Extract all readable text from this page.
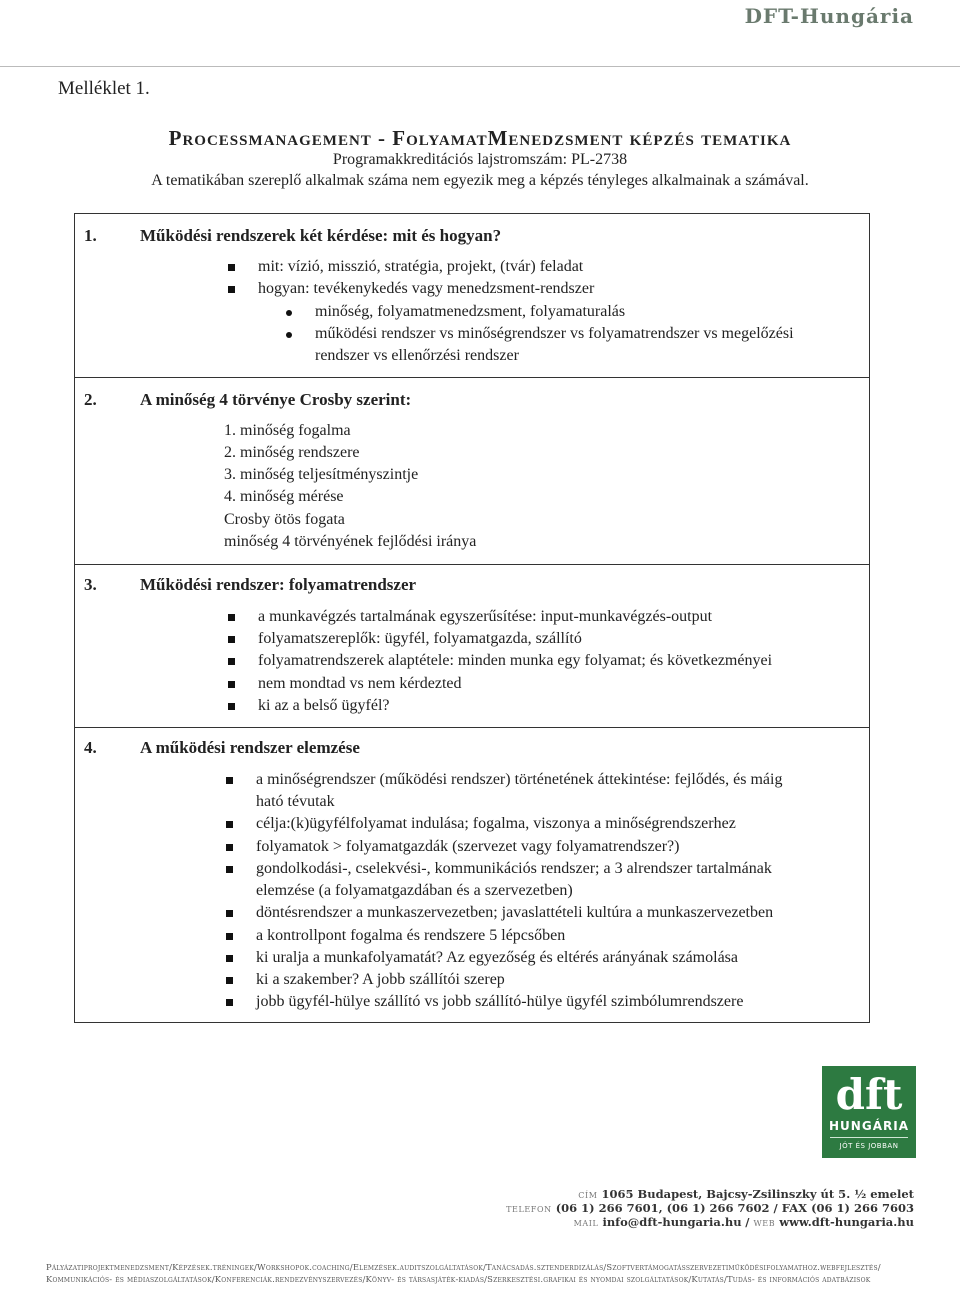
DFT-Hungária
Melléklet 1.
Processmanagement - FolyamatMenedzsment képzés tematika
Programakkreditációs lajstromszám: PL-2738
A tematikában szereplő alkalmak száma nem egyezik meg a képzés tényleges alkalmainak a számával.
1.	Működési rendszerek két kérdése: mit és hogyan?
mit: vízió, misszió, stratégia, projekt, (tvár) feladat
hogyan: tevékenykedés vagy menedzsment-rendszer
minőség, folyamatmenedzsment, folyamaturalás
működési rendszer vs minőségrendszer vs folyamatrendszer vs megelőzési
rendszer vs ellenőrzési rendszer
2.	A minőség 4 törvénye Crosby szerint:
1. minőség fogalma
2. minőség rendszere
3. minőség teljesítményszintje
4. minőség mérése
Crosby ötös fogata
minőség 4 törvényének fejlődési iránya
3.	Működési rendszer: folyamatrendszer
a munkavégzés tartalmának egyszerűsítése: input-munkavégzés-output
folyamatszereplők: ügyfél, folyamatgazda, szállító
folyamatrendszerek alaptétele: minden munka egy folyamat; és következményei
nem mondtad vs nem kérdezted
ki az a belső ügyfél?
4.	A működési rendszer elemzése
a minőségrendszer (működési rendszer) történetének áttekintése: fejlődés, és máig
ható tévutak
célja:(k)ügyfélfolyamat indulása; fogalma, viszonya a minőségrendszerhez
folyamatok > folyamatgazdák (szervezet vagy folyamatrendszer?)
gondolkodási-, cselekvési-, kommunikációs rendszer; a 3 alrendszer tartalmának
elemzése (a folyamatgazdában és a szervezetben)
döntésrendszer a munkaszervezetben; javaslattételi kultúra a munkaszervezetben
a kontrollpont fogalma és rendszere 5 lépcsőben
ki uralja a munkafolyamatát? Az egyezőség és eltérés arányának számolása
ki a szakember? A jobb szállítói szerep
jobb ügyfél-hülye szállító vs jobb szállító-hülye ügyfél szimbólumrendszere
dft
HUNGÁRIA
JÓT ÉS JOBBAN
CÍM 1065 Budapest, Bajcsy-Zsilinszky út 5. ½ emelet
TELEFON (06 1) 266 7601, (06 1) 266 7602 / FAX (06 1) 266 7603
MAIL info@dft-hungaria.hu / WEB www.dft-hungaria.hu
Pályázatiprojektmenedzsment/Képzések.tréningek/Workshopok.coaching/Elemzések.auditszolgáltatások/Tanácsadás.sztenderdizálás/Szoftvertámogatásszervezetiműködésifolyamathoz.webfejlesztés/
Kommunikációs- és médiaszolgáltatások/Konferenciák.rendezvényszervezés/Könyv- és társasjáték-kiadás/Szerkesztési.grafikai és nyomdai szolgáltatások/Kutatás/Tudás- és információs adatbázisok
